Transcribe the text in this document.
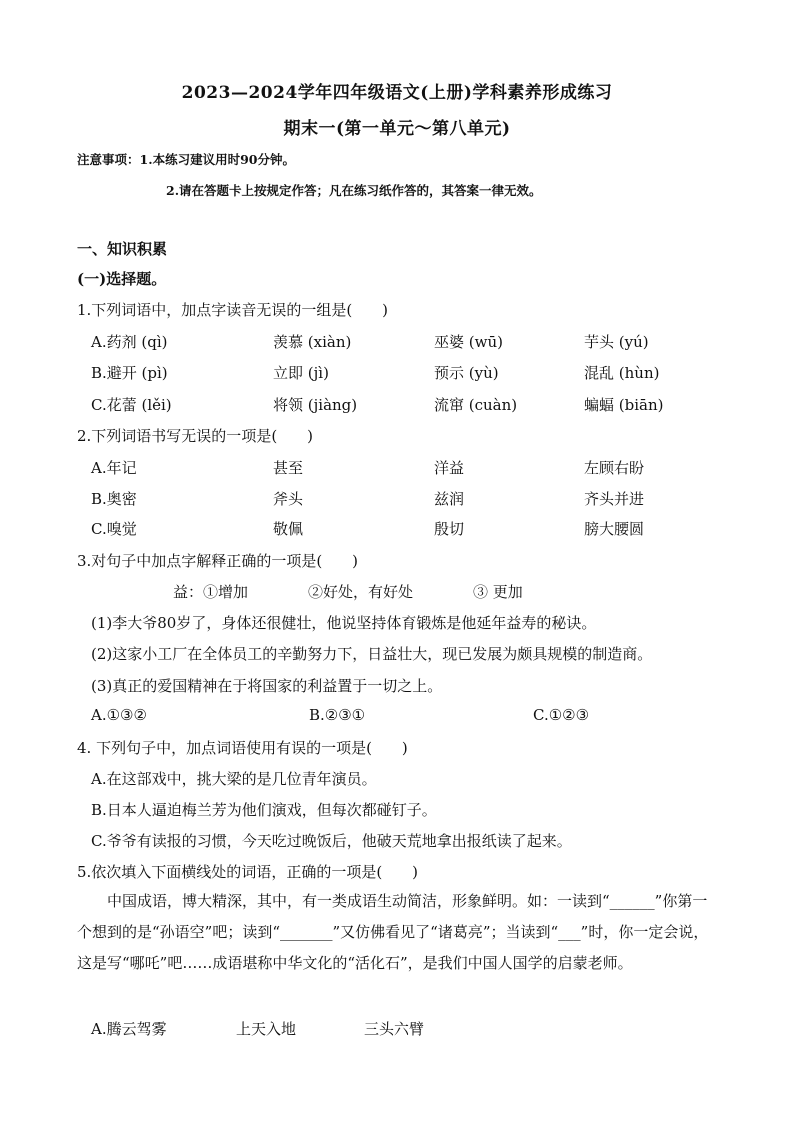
2023—2024学年四年级语文(上册)学科素养形成练习
期末一(第一单元～第八单元)
注意事项：1.本练习建议用时90分钟。
2.请在答题卡上按规定作答；凡在练习纸作答的，其答案一律无效。
一、知识积累
(一)选择题。
1.下列词语中，加点字读音无误的一组是(　　)
A.药剂 (qì)	羡慕 (xiàn)	巫婆 (wū)	芋头 (yú)
B.避开 (pì)	立即 (jì)	预示 (yù)	混乱 (hùn)
C.花蕾 (lěi)	将领 (jiàng)	流窜 (cuàn)	蝙蝠 (biān)
2.下列词语书写无误的一项是(　　)
A.年记	甚至	洋益	左顾右盼
B.奥密	斧头	兹润	齐头并进
C.嗅觉	敬佩	殷切	膀大腰圆
3.对句子中加点字解释正确的一项是(　　)
益：①增加　　　　②好处，有好处　　　　③ 更加
(1)李大爷80岁了，身体还很健壮，他说坚持体育锻炼是他延年益寿的秘诀。
(2)这家小工厂在全体员工的辛勤努力下，日益壮大，现已发展为颇具规模的制造商。
(3)真正的爱国精神在于将国家的利益置于一切之上。
A.①③②	B.②③①	C.①②③
4. 下列句子中，加点词语使用有误的一项是(　　)
A.在这部戏中，挑大梁的是几位青年演员。
B.日本人逼迫梅兰芳为他们演戏，但每次都碰钉子。
C.爷爷有读报的习惯，今天吃过晚饭后，他破天荒地拿出报纸读了起来。
5.依次填入下面横线处的词语，正确的一项是(　　)
中国成语，博大精深，其中，有一类成语生动简洁，形象鲜明。如：一读到“______”你第一个想到的是“孙语空”吧；读到“_______”又仿佛看见了“诸葛亮”；当读到“___”时，你一定会说，这是写“哪吒”吧……成语堪称中华文化的“活化石”，是我们中国人国学的启蒙老师。
A.腾云驾雾	上天入地	三头六臂
